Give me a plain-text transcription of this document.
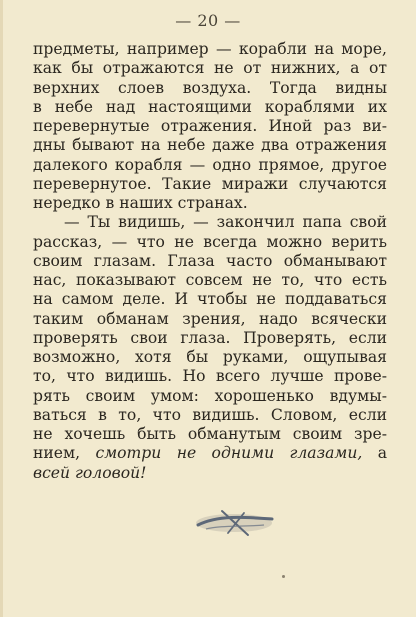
— 20 —
предметы, например — корабли на море,
как бы отражаются не от нижних, а от
верхних слоев воздуха. Тогда видны
в небе над настоящими кораблями их
перевернутые отражения. Иной раз ви-
дны бывают на небе даже два отражения
далекого корабля — одно прямое, другое
перевернутое. Такие миражи случаются
нередко в наших странах.
— Ты видишь, — закончил папа свой
рассказ, — что не всегда можно верить
своим глазам. Глаза часто обманывают
нас, показывают совсем не то, что есть
на самом деле. И чтобы не поддаваться
таким обманам зрения, надо всячески
проверять свои глаза. Проверять, если
возможно, хотя бы руками, ощупывая
то, что видишь. Но всего лучше прове-
рять своим умом: хорошенько вдумы-
ваться в то, что видишь. Словом, если
не хочешь быть обманутым своим зре-
нием, смотри не одними глазами, а
всей головой!
